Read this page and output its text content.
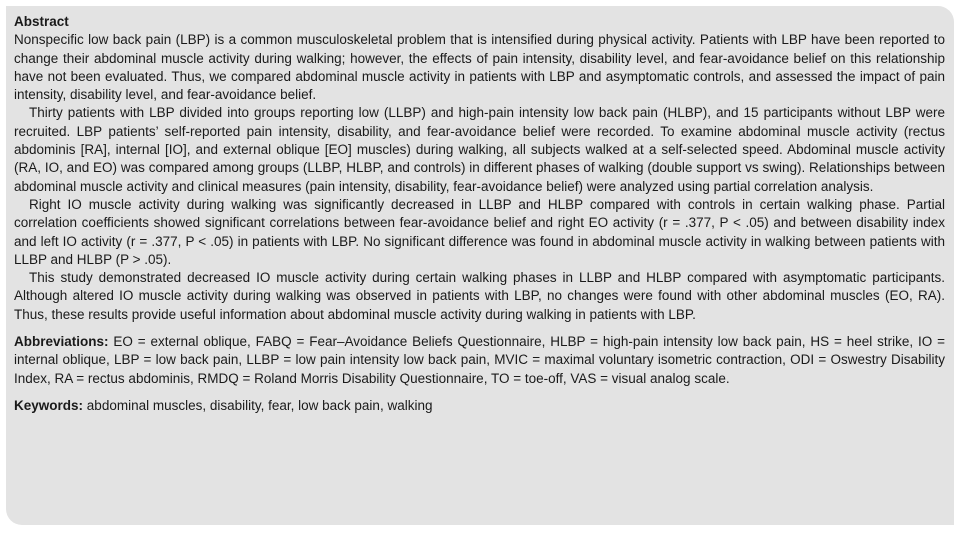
Abstract

Nonspecific low back pain (LBP) is a common musculoskeletal problem that is intensified during physical activity. Patients with LBP have been reported to change their abdominal muscle activity during walking; however, the effects of pain intensity, disability level, and fear-avoidance belief on this relationship have not been evaluated. Thus, we compared abdominal muscle activity in patients with LBP and asymptomatic controls, and assessed the impact of pain intensity, disability level, and fear-avoidance belief.

Thirty patients with LBP divided into groups reporting low (LLBP) and high-pain intensity low back pain (HLBP), and 15 participants without LBP were recruited. LBP patients’ self-reported pain intensity, disability, and fear-avoidance belief were recorded. To examine abdominal muscle activity (rectus abdominis [RA], internal [IO], and external oblique [EO] muscles) during walking, all subjects walked at a self-selected speed. Abdominal muscle activity (RA, IO, and EO) was compared among groups (LLBP, HLBP, and controls) in different phases of walking (double support vs swing). Relationships between abdominal muscle activity and clinical measures (pain intensity, disability, fear-avoidance belief) were analyzed using partial correlation analysis.

Right IO muscle activity during walking was significantly decreased in LLBP and HLBP compared with controls in certain walking phase. Partial correlation coefficients showed significant correlations between fear-avoidance belief and right EO activity (r = .377, P < .05) and between disability index and left IO activity (r = .377, P < .05) in patients with LBP. No significant difference was found in abdominal muscle activity in walking between patients with LLBP and HLBP (P > .05).

This study demonstrated decreased IO muscle activity during certain walking phases in LLBP and HLBP compared with asymptomatic participants. Although altered IO muscle activity during walking was observed in patients with LBP, no changes were found with other abdominal muscles (EO, RA). Thus, these results provide useful information about abdominal muscle activity during walking in patients with LBP.

Abbreviations: EO = external oblique, FABQ = Fear–Avoidance Beliefs Questionnaire, HLBP = high-pain intensity low back pain, HS = heel strike, IO = internal oblique, LBP = low back pain, LLBP = low pain intensity low back pain, MVIC = maximal voluntary isometric contraction, ODI = Oswestry Disability Index, RA = rectus abdominis, RMDQ = Roland Morris Disability Questionnaire, TO = toe-off, VAS = visual analog scale.

Keywords: abdominal muscles, disability, fear, low back pain, walking
